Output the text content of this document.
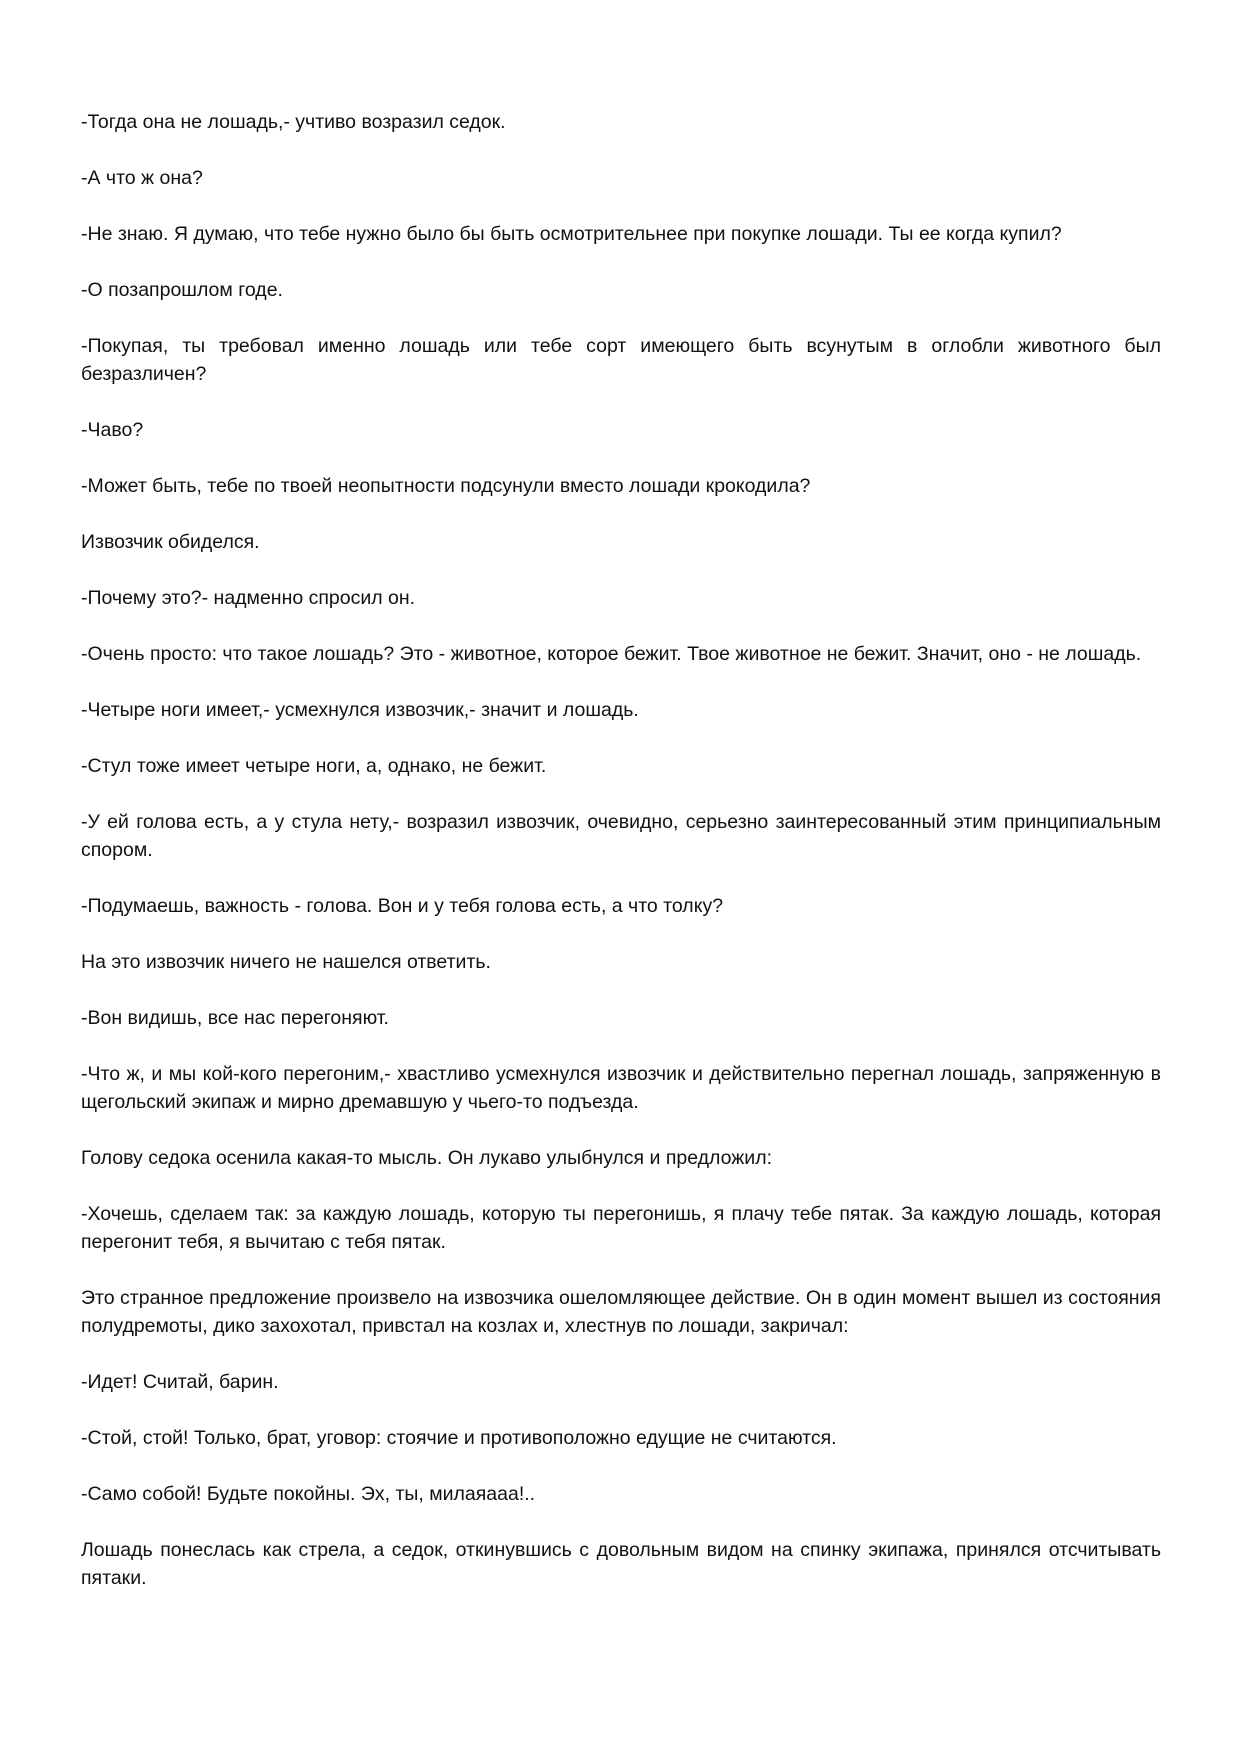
-Тогда она не лошадь,- учтиво возразил седок.

-А что ж она?

-Не знаю. Я думаю, что тебе нужно было бы быть осмотрительнее при покупке лошади. Ты ее когда купил?

-О позапрошлом годе.

-Покупая, ты требовал именно лошадь или тебе сорт имеющего быть всунутым в оглобли животного был безразличен?

-Чаво?

-Может быть, тебе по твоей неопытности подсунули вместо лошади крокодила?

Извозчик обиделся.

-Почему это?- надменно спросил он.

-Очень просто: что такое лошадь? Это - животное, которое бежит. Твое животное не бежит. Значит, оно - не лошадь.

-Четыре ноги имеет,- усмехнулся извозчик,- значит и лошадь.

-Стул тоже имеет четыре ноги, а, однако, не бежит.

-У ей голова есть, а у стула нету,- возразил извозчик, очевидно, серьезно заинтересованный этим принципиальным спором.

-Подумаешь, важность - голова. Вон и у тебя голова есть, а что толку?

На это извозчик ничего не нашелся ответить.

-Вон видишь, все нас перегоняют.

-Что ж, и мы кой-кого перегоним,- хвастливо усмехнулся извозчик и действительно перегнал лошадь, запряженную в щегольский экипаж и мирно дремавшую у чьего-то подъезда.

Голову седока осенила какая-то мысль. Он лукаво улыбнулся и предложил:

-Хочешь, сделаем так: за каждую лошадь, которую ты перегонишь, я плачу тебе пятак. За каждую лошадь, которая перегонит тебя, я вычитаю с тебя пятак.

Это странное предложение произвело на извозчика ошеломляющее действие. Он в один момент вышел из состояния полудремоты, дико захохотал, привстал на козлах и, хлестнув по лошади, закричал:

-Идет! Считай, барин.

-Стой, стой! Только, брат, уговор: стоячие и противоположно едущие не считаются.

-Само собой! Будьте покойны. Эх, ты, милаяааа!..

Лошадь понеслась как стрела, а седок, откинувшись с довольным видом на спинку экипажа, принялся отсчитывать пятаки.
